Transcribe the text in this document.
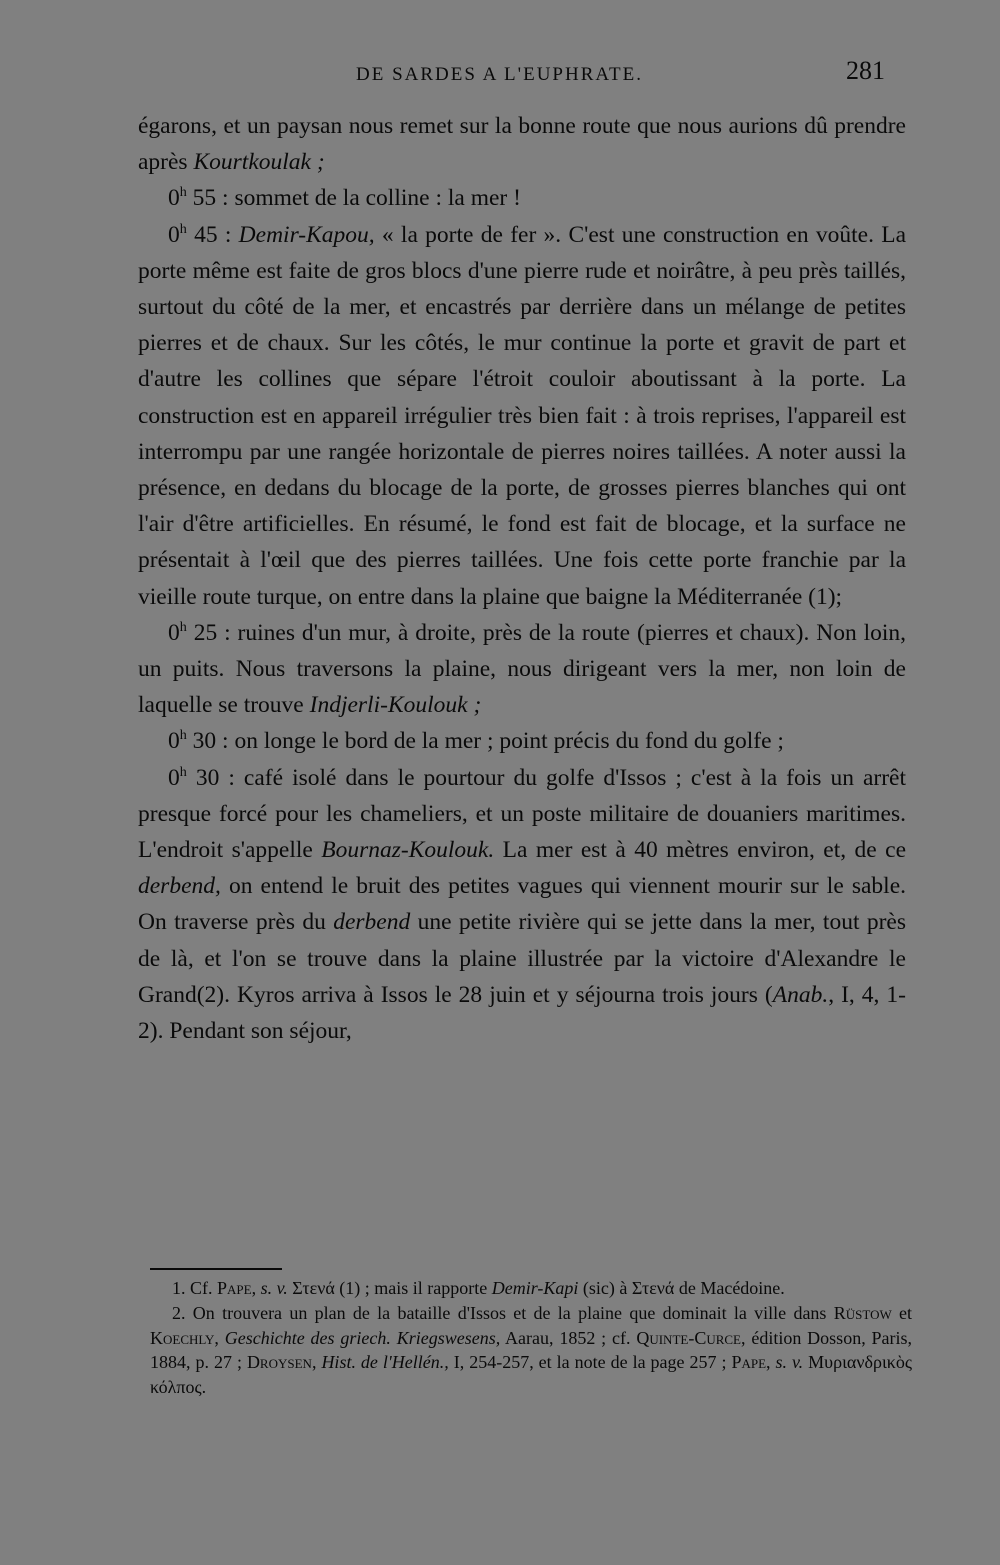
DE SARDES A L'EUPHRATE.	281

égarons, et un paysan nous remet sur la bonne route que nous aurions dû prendre après Kourtkoulak ;

0$^h$ 55 : sommet de la colline : la mer !

0$^h$ 45 : Demir-Kapou, « la porte de fer ». C'est une construction en voûte. La porte même est faite de gros blocs d'une pierre rude et noirâtre, à peu près taillés, surtout du côté de la mer, et encastrés par derrière dans un mélange de petites pierres et de chaux. Sur les côtés, le mur continue la porte et gravit de part et d'autre les collines que sépare l'étroit couloir aboutissant à la porte. La construction est en appareil irrégulier très bien fait : à trois reprises, l'appareil est interrompu par une rangée horizontale de pierres noires taillées. A noter aussi la présence, en dedans du blocage de la porte, de grosses pierres blanches qui ont l'air d'être artificielles. En résumé, le fond est fait de blocage, et la surface ne présentait à l'œil que des pierres taillées. Une fois cette porte franchie par la vieille route turque, on entre dans la plaine que baigne la Méditerranée (1);

0$^h$ 25 : ruines d'un mur, à droite, près de la route (pierres et chaux). Non loin, un puits. Nous traversons la plaine, nous dirigeant vers la mer, non loin de laquelle se trouve Indjerli-Koulouk ;

0$^h$ 30 : on longe le bord de la mer ; point précis du fond du golfe ;

0$^h$ 30 : café isolé dans le pourtour du golfe d'Issos ; c'est à la fois un arrêt presque forcé pour les chameliers, et un poste militaire de douaniers maritimes. L'endroit s'appelle Bournaz-Koulouk. La mer est à 40 mètres environ, et, de ce derbend, on entend le bruit des petites vagues qui viennent mourir sur le sable. On traverse près du derbend une petite rivière qui se jette dans la mer, tout près de là, et l'on se trouve dans la plaine illustrée par la victoire d'Alexandre le Grand(2). Kyros arriva à Issos le 28 juin et y séjourna trois jours (Anab., I, 4, 1-2). Pendant son séjour,

1. Cf. Pape, s. v. Στενά (1) ; mais il rapporte Demir-Kapi (sic) à Στενά de Macédoine.

2. On trouvera un plan de la bataille d'Issos et de la plaine que dominait la ville dans Rüstow et Koechly, Geschichte des griech. Kriegswesens, Aarau, 1852 ; cf. Quinte-Curce, édition Dosson, Paris, 1884, p. 27 ; Droysen, Hist. de l'Hellén., I, 254-257, et la note de la page 257 ; Pape, s. v. Μυριανδρικὸς κόλπος.
